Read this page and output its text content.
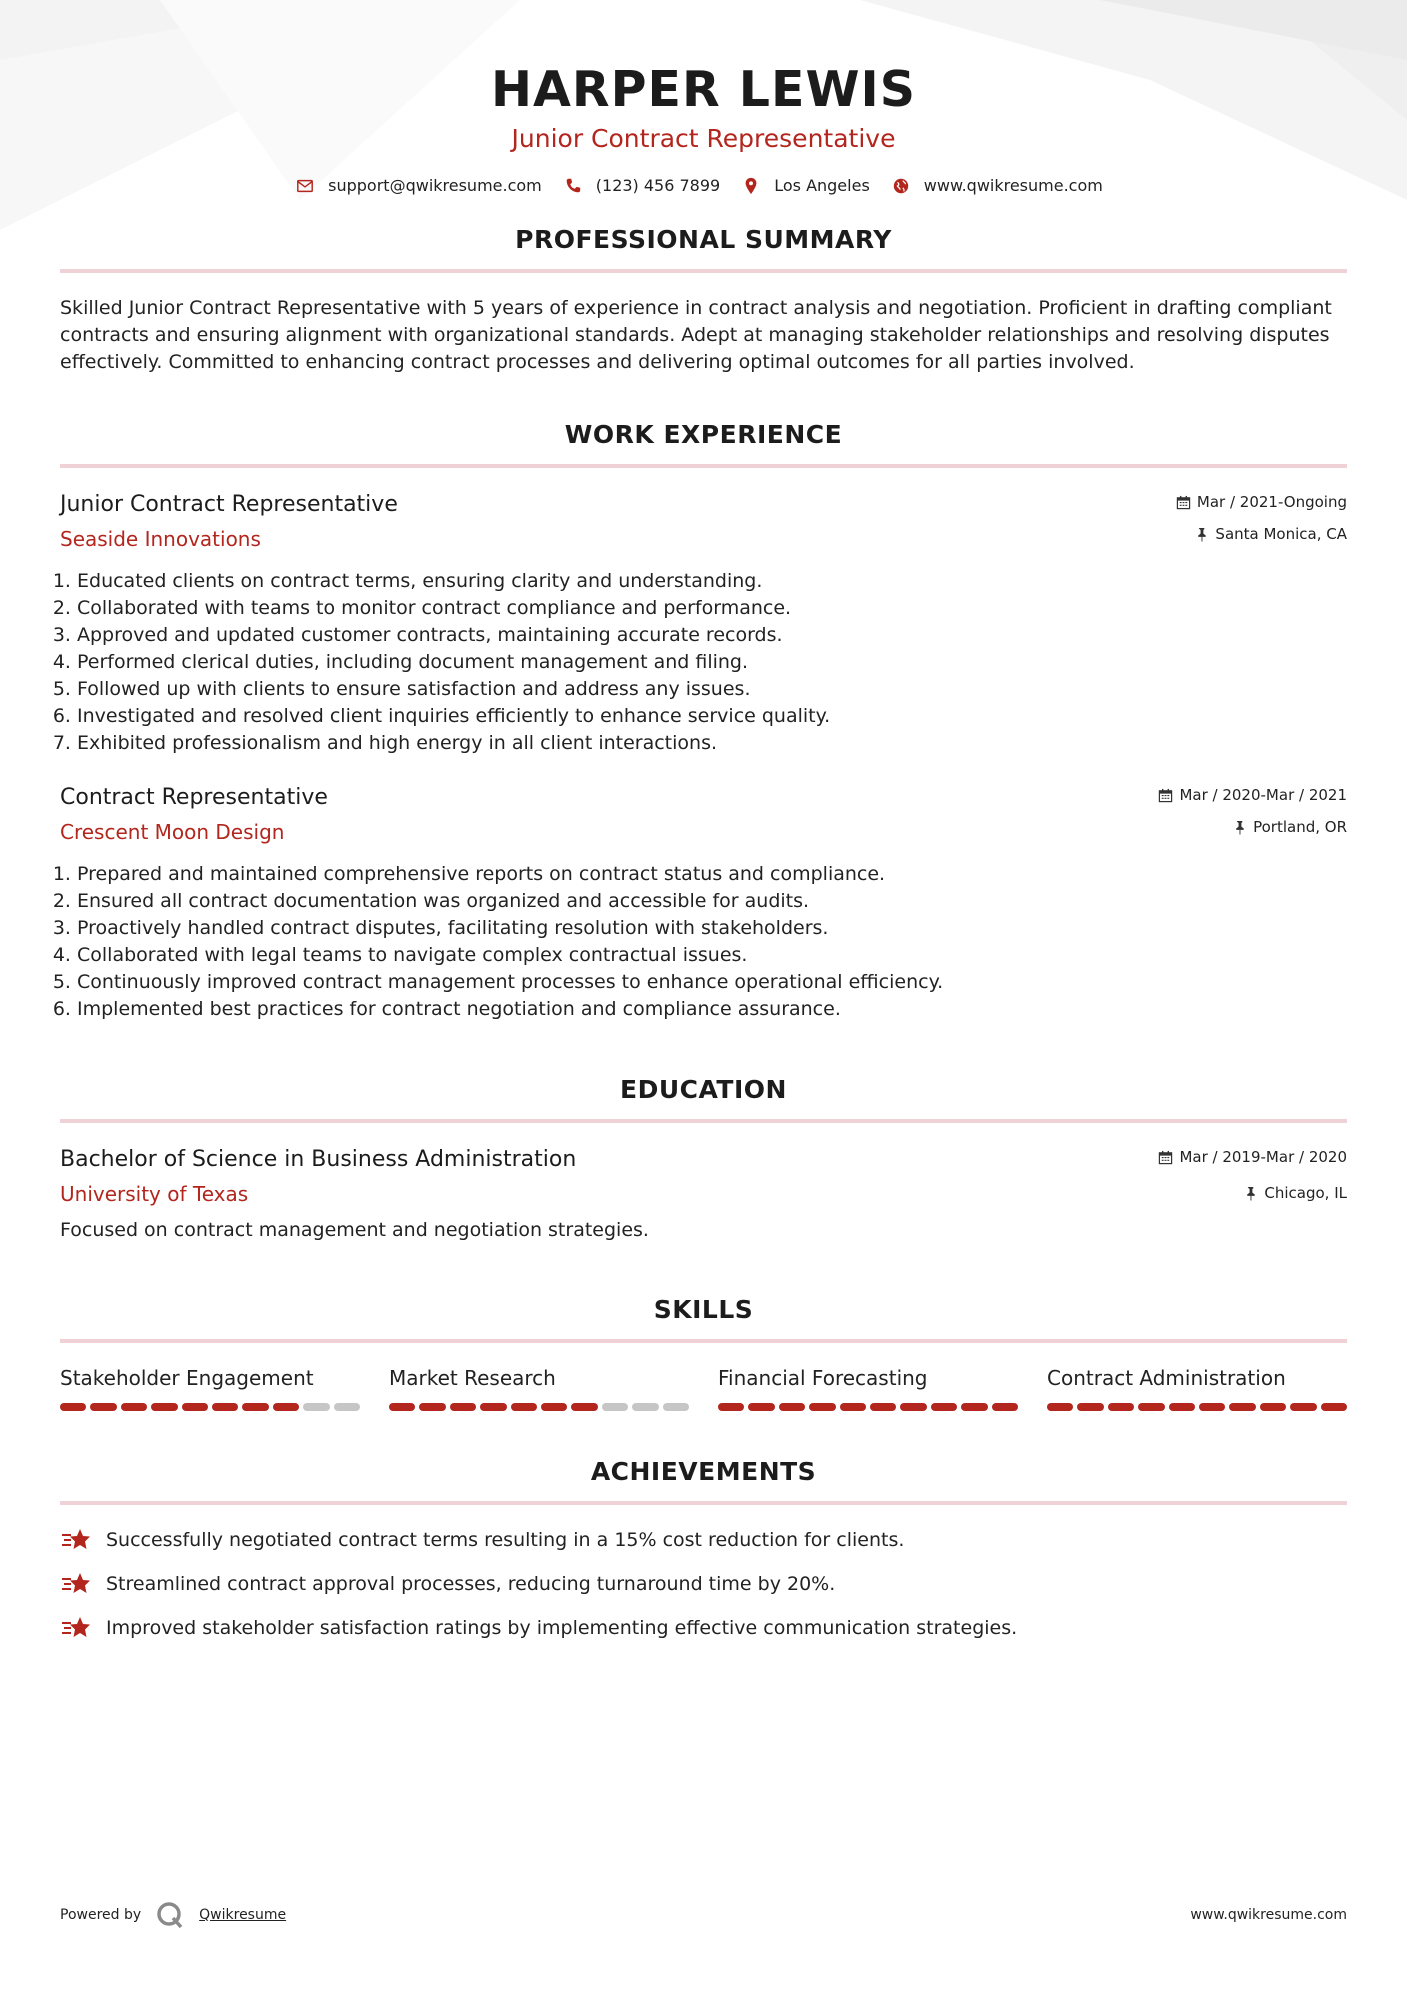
HARPER LEWIS
Junior Contract Representative
support@qwikresume.com	(123) 456 7899	Los Angeles	www.qwikresume.com
PROFESSIONAL SUMMARY
Skilled Junior Contract Representative with 5 years of experience in contract analysis and negotiation. Proficient in drafting compliant contracts and ensuring alignment with organizational standards. Adept at managing stakeholder relationships and resolving disputes effectively. Committed to enhancing contract processes and delivering optimal outcomes for all parties involved.
WORK EXPERIENCE
Junior Contract Representative
Seaside Innovations
Mar / 2021-Ongoing
Santa Monica, CA
1. Educated clients on contract terms, ensuring clarity and understanding.
2. Collaborated with teams to monitor contract compliance and performance.
3. Approved and updated customer contracts, maintaining accurate records.
4. Performed clerical duties, including document management and filing.
5. Followed up with clients to ensure satisfaction and address any issues.
6. Investigated and resolved client inquiries efficiently to enhance service quality.
7. Exhibited professionalism and high energy in all client interactions.
Contract Representative
Crescent Moon Design
Mar / 2020-Mar / 2021
Portland, OR
1. Prepared and maintained comprehensive reports on contract status and compliance.
2. Ensured all contract documentation was organized and accessible for audits.
3. Proactively handled contract disputes, facilitating resolution with stakeholders.
4. Collaborated with legal teams to navigate complex contractual issues.
5. Continuously improved contract management processes to enhance operational efficiency.
6. Implemented best practices for contract negotiation and compliance assurance.
EDUCATION
Bachelor of Science in Business Administration
University of Texas
Mar / 2019-Mar / 2020
Chicago, IL
Focused on contract management and negotiation strategies.
SKILLS
Stakeholder Engagement	Market Research	Financial Forecasting	Contract Administration
ACHIEVEMENTS
Successfully negotiated contract terms resulting in a 15% cost reduction for clients.
Streamlined contract approval processes, reducing turnaround time by 20%.
Improved stakeholder satisfaction ratings by implementing effective communication strategies.
Powered by	Qwikresume	www.qwikresume.com
